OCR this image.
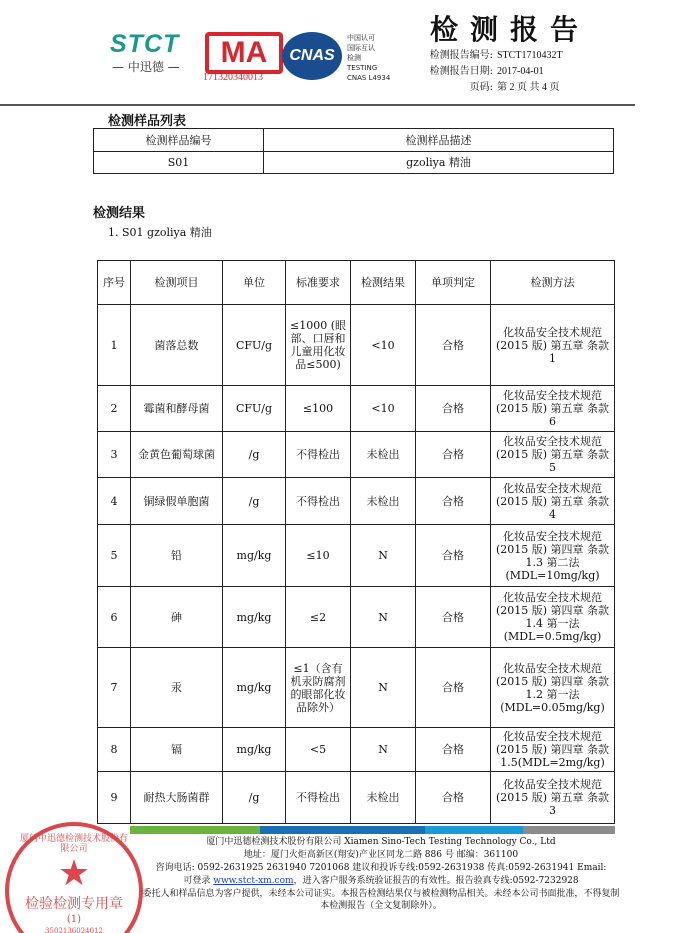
STCT
— 中迅德 —	MA
171320340013
CNAS
中国认可
国际互认
检测
TESTING
CNAS L4934
检测报告
检测报告编号:
检测报告日期:
页码:
STCT1710432T
2017-04-01
第 2 页 共 4 页
检测样品列表
检测样品编号	检测样品描述
S01	gzoliya 精油
检测结果
1. S01 gzoliya 精油
序号	检测项目	单位	标准要求	检测结果	单项判定	检测方法
1	菌落总数	CFU/g	≤1000 (眼部、口唇和儿童用化妆品≤500)	<10	合格	化妆品安全技术规范(2015 版) 第五章 条款 1
2	霉菌和酵母菌	CFU/g	≤100	<10	合格	化妆品安全技术规范(2015 版) 第五章 条款 6
3	金黄色葡萄球菌	/g	不得检出	未检出	合格	化妆品安全技术规范(2015 版) 第五章 条款 5
4	铜绿假单胞菌	/g	不得检出	未检出	合格	化妆品安全技术规范(2015 版) 第五章 条款 4
5	铅	mg/kg	≤10	N	合格	化妆品安全技术规范(2015 版) 第四章 条款 1.3 第二法 (MDL=10mg/kg)
6	砷	mg/kg	≤2	N	合格	化妆品安全技术规范(2015 版) 第四章 条款 1.4 第一法 (MDL=0.5mg/kg)
7	汞	mg/kg	≤1（含有机汞防腐剂的眼部化妆品除外）	N	合格	化妆品安全技术规范(2015 版) 第四章 条款 1.2 第一法 (MDL=0.05mg/kg)
8	镉	mg/kg	<5	N	合格	化妆品安全技术规范(2015 版) 第四章 条款 1.5(MDL=2mg/kg)
9	耐热大肠菌群	/g	不得检出	未检出	合格	化妆品安全技术规范(2015 版) 第五章 条款 3
厦门中迅德检测技术股份有限公司 Xiamen Sino-Tech Testing Technology Co., Ltd
地址：厦门火炬高新区(翔安)产业区同龙二路 886 号 邮编：361100
咨询电话: 0592-2631925 2631940 7201068 建议和投诉专线:0592-2631938 传真:0592-2631941 Email:
可登录 www.stct-xm.com，进入客户服务系统验证报告的有效性。报告验真专线:0592-7232928
委托人和样品信息为客户提供，未经本公司证实。本报告检测结果仅与被检测物品相关。未经本公司书面批准，不得复制本检测报告（全文复制除外）。
厦门中迅德检测技术股份有限公司
★
检验检测专用章
(1)
3502136024012
